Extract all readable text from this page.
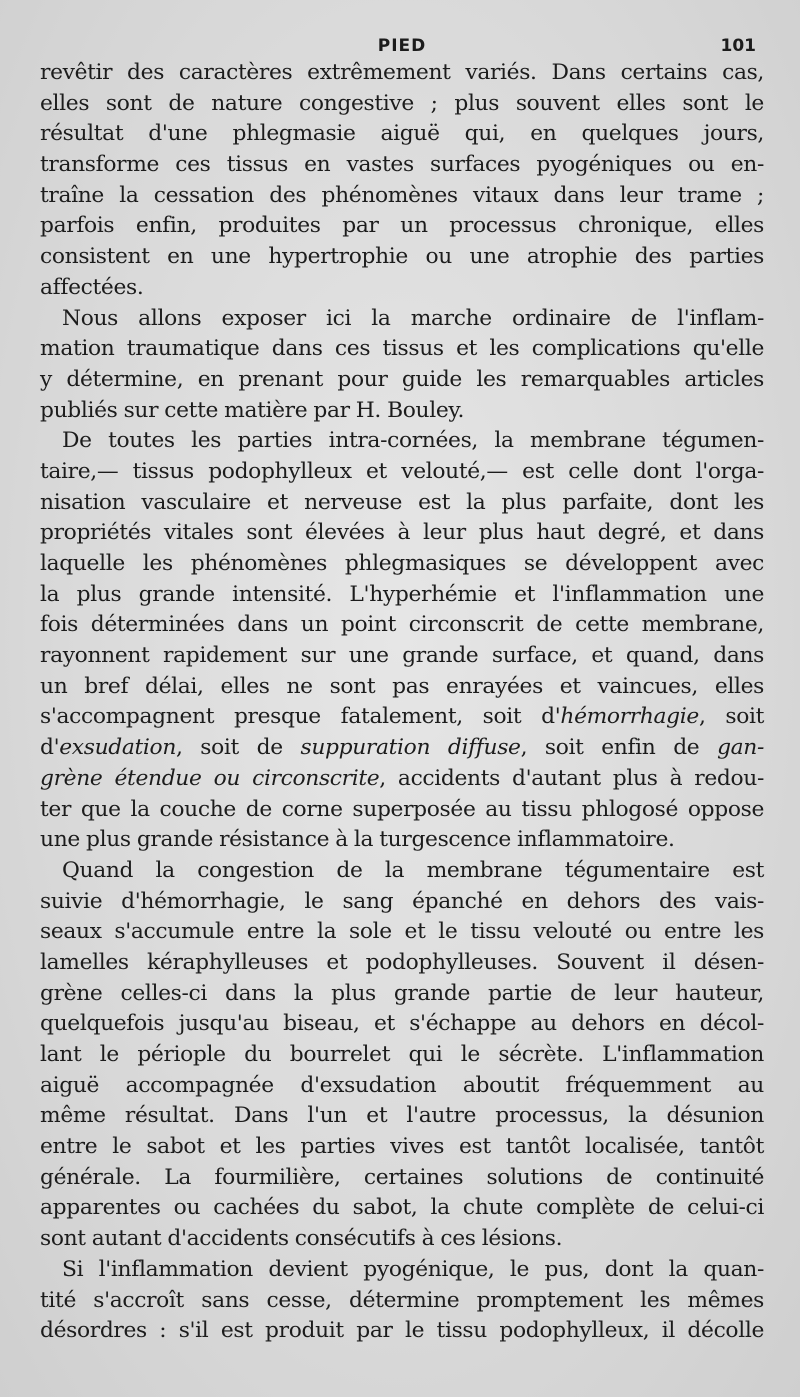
PIED	101
revêtir des caractères extrêmement variés. Dans certains cas,
elles sont de nature congestive ; plus souvent elles sont le
résultat d'une phlegmasie aiguë qui, en quelques jours,
transforme ces tissus en vastes surfaces pyogéniques ou en-
traîne la cessation des phénomènes vitaux dans leur trame ;
parfois enfin, produites par un processus chronique, elles
consistent en une hypertrophie ou une atrophie des parties
affectées.
Nous allons exposer ici la marche ordinaire de l'inflam-
mation traumatique dans ces tissus et les complications qu'elle
y détermine, en prenant pour guide les remarquables articles
publiés sur cette matière par H. Bouley.
De toutes les parties intra-cornées, la membrane tégumen-
taire,— tissus podophylleux et velouté,— est celle dont l'orga-
nisation vasculaire et nerveuse est la plus parfaite, dont les
propriétés vitales sont élevées à leur plus haut degré, et dans
laquelle les phénomènes phlegmasiques se développent avec
la plus grande intensité. L'hyperhémie et l'inflammation une
fois déterminées dans un point circonscrit de cette membrane,
rayonnent rapidement sur une grande surface, et quand, dans
un bref délai, elles ne sont pas enrayées et vaincues, elles
s'accompagnent presque fatalement, soit d'hémorrhagie, soit
d'exsudation, soit de suppuration diffuse, soit enfin de gan-
grène étendue ou circonscrite, accidents d'autant plus à redou-
ter que la couche de corne superposée au tissu phlogosé oppose
une plus grande résistance à la turgescence inflammatoire.
Quand la congestion de la membrane tégumentaire est
suivie d'hémorrhagie, le sang épanché en dehors des vais-
seaux s'accumule entre la sole et le tissu velouté ou entre les
lamelles kéraphylleuses et podophylleuses. Souvent il désen-
grène celles-ci dans la plus grande partie de leur hauteur,
quelquefois jusqu'au biseau, et s'échappe au dehors en décol-
lant le périople du bourrelet qui le sécrète. L'inflammation
aiguë accompagnée d'exsudation aboutit fréquemment au
même résultat. Dans l'un et l'autre processus, la désunion
entre le sabot et les parties vives est tantôt localisée, tantôt
générale. La fourmilière, certaines solutions de continuité
apparentes ou cachées du sabot, la chute complète de celui-ci
sont autant d'accidents consécutifs à ces lésions.
Si l'inflammation devient pyogénique, le pus, dont la quan-
tité s'accroît sans cesse, détermine promptement les mêmes
désordres : s'il est produit par le tissu podophylleux, il décolle
